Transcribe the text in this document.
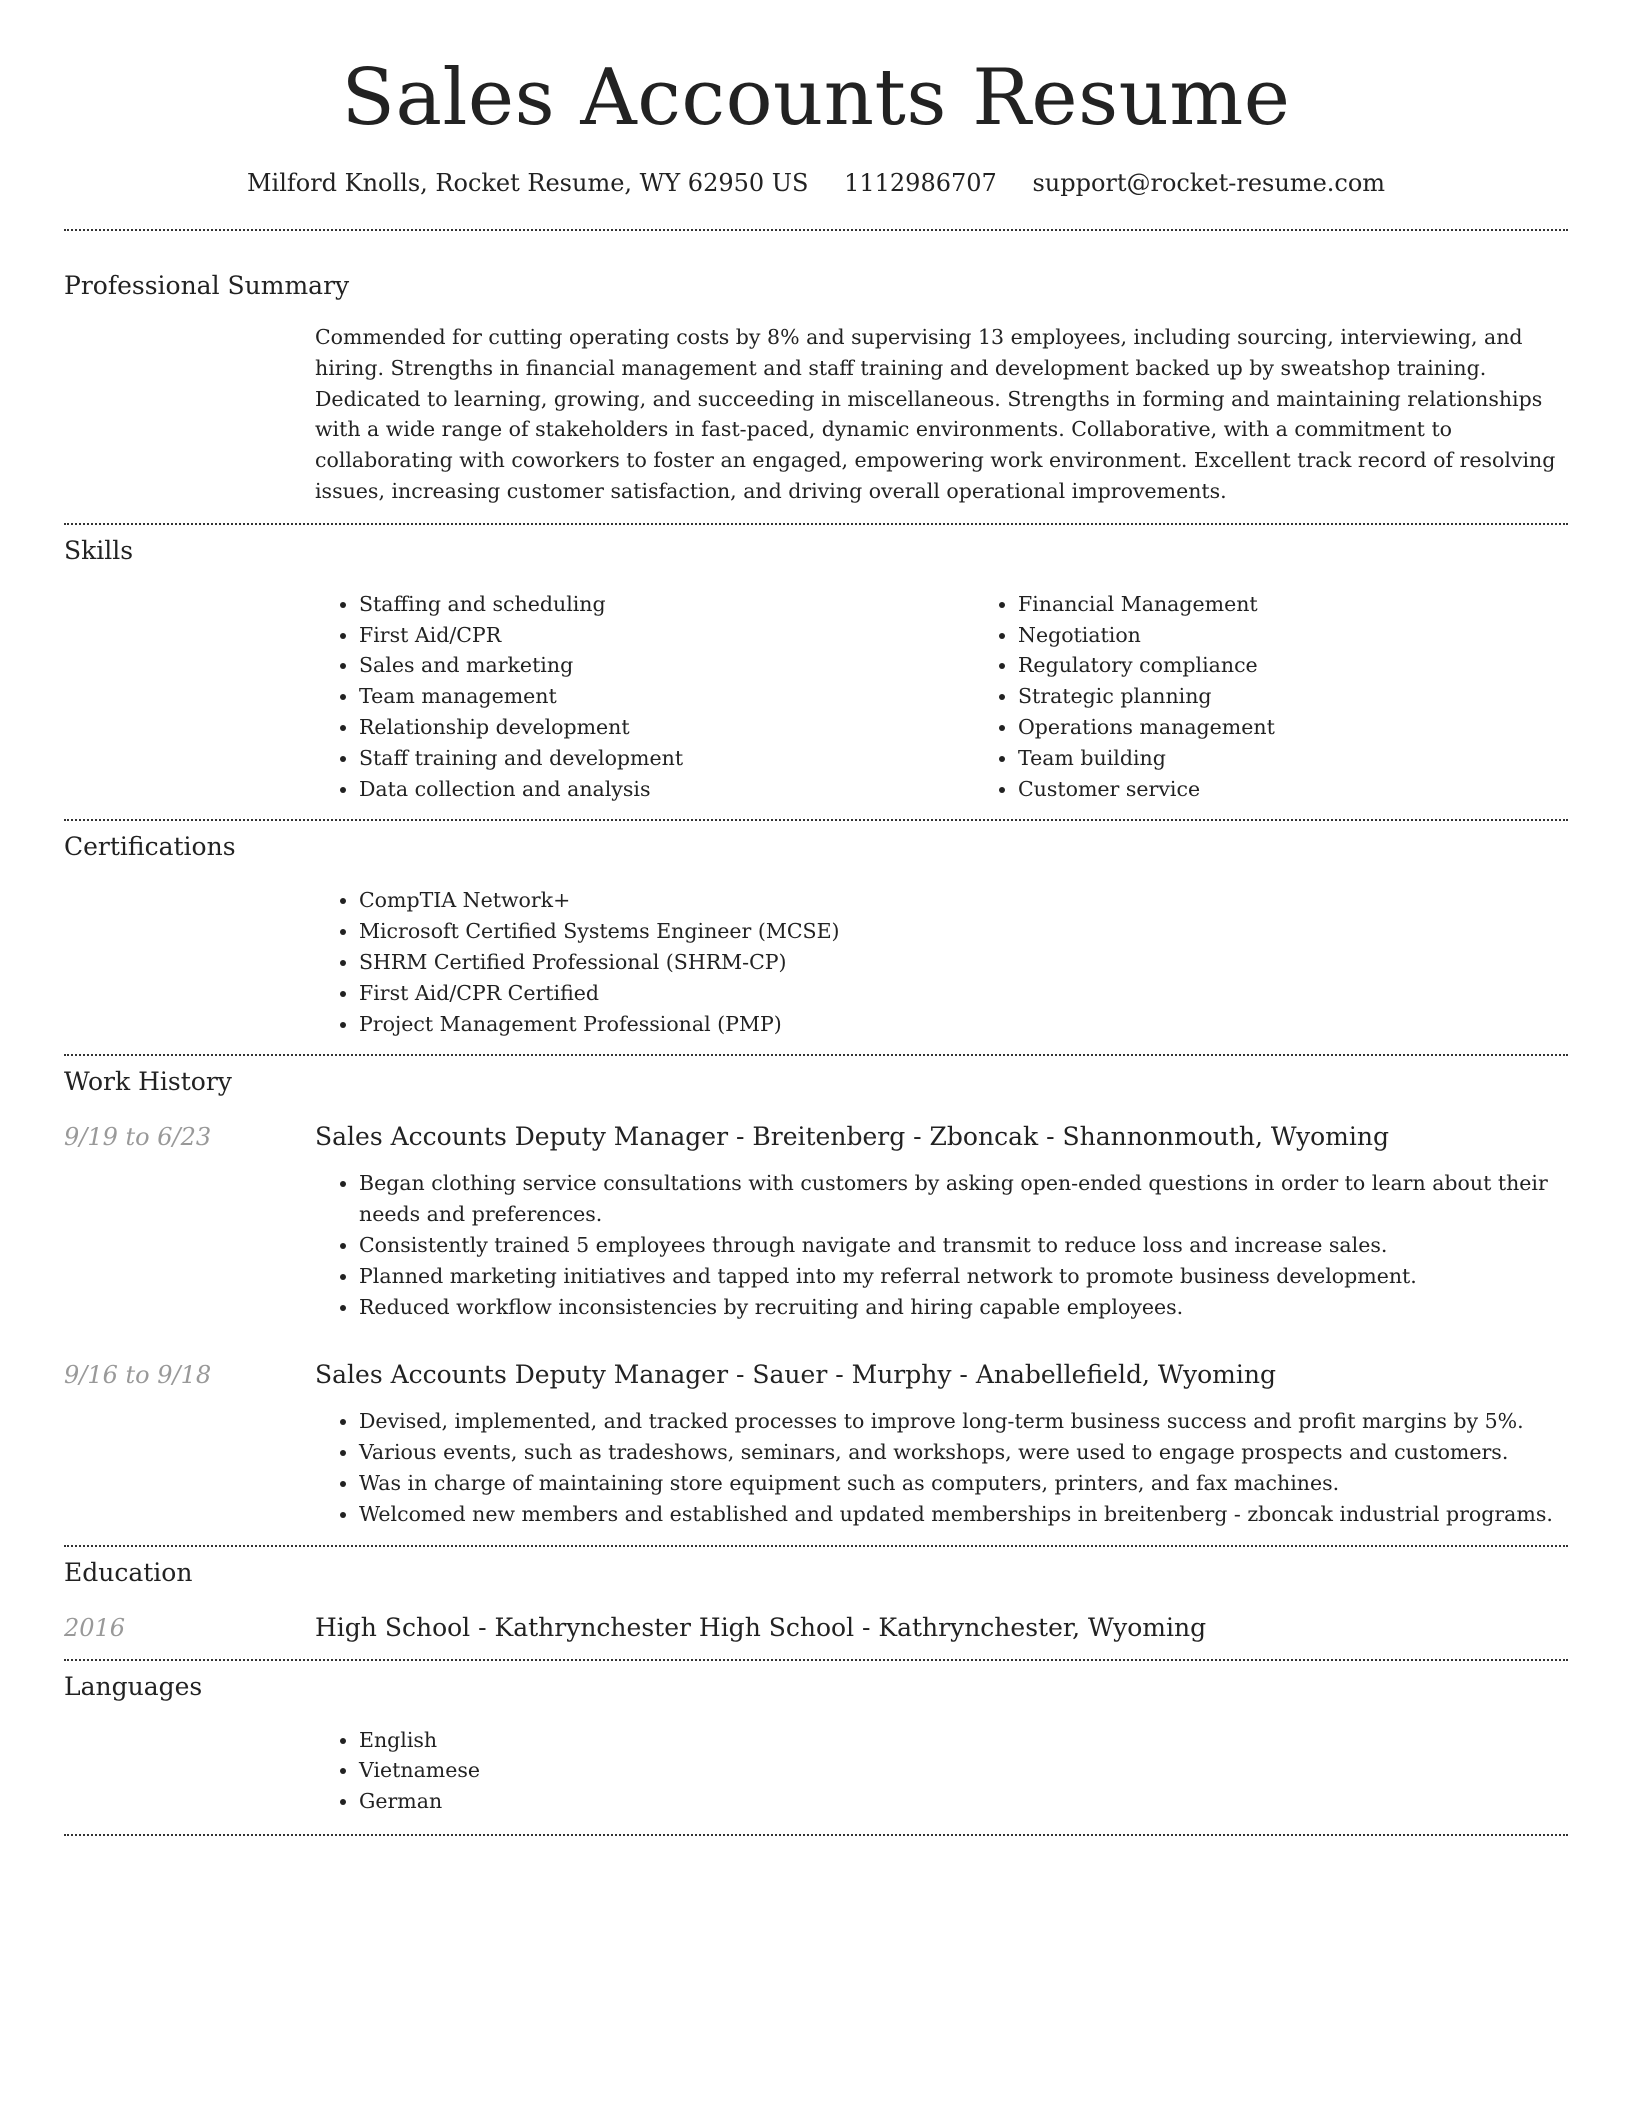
Sales Accounts Resume
Milford Knolls, Rocket Resume, WY 62950 US 1112986707 support@rocket-resume.com
Professional Summary

Commended for cutting operating costs by 8% and supervising 13 employees, including sourcing, interviewing, and hiring. Strengths in financial management and staff training and development backed up by sweatshop training. Dedicated to learning, growing, and succeeding in miscellaneous. Strengths in forming and maintaining relationships with a wide range of stakeholders in fast-paced, dynamic environments. Collaborative, with a commitment to collaborating with coworkers to foster an engaged, empowering work environment. Excellent track record of resolving issues, increasing customer satisfaction, and driving overall operational improvements.

Skills
• Staffing and scheduling
• First Aid/CPR
• Sales and marketing
• Team management
• Relationship development
• Staff training and development
• Data collection and analysis
• Financial Management
• Negotiation
• Regulatory compliance
• Strategic planning
• Operations management
• Team building
• Customer service
Certifications
• CompTIA Network+
• Microsoft Certified Systems Engineer (MCSE)
• SHRM Certified Professional (SHRM-CP)
• First Aid/CPR Certified
• Project Management Professional (PMP)
Work History
9/19 to 6/23	Sales Accounts Deputy Manager - Breitenberg - Zboncak - Shannonmouth, Wyoming
• Began clothing service consultations with customers by asking open-ended questions in order to learn about their needs and preferences.
• Consistently trained 5 employees through navigate and transmit to reduce loss and increase sales.
• Planned marketing initiatives and tapped into my referral network to promote business development.
• Reduced workflow inconsistencies by recruiting and hiring capable employees.
9/16 to 9/18	Sales Accounts Deputy Manager - Sauer - Murphy - Anabellefield, Wyoming
• Devised, implemented, and tracked processes to improve long-term business success and profit margins by 5%.
• Various events, such as tradeshows, seminars, and workshops, were used to engage prospects and customers.
• Was in charge of maintaining store equipment such as computers, printers, and fax machines.
• Welcomed new members and established and updated memberships in breitenberg - zboncak industrial programs.
Education
2016	High School - Kathrynchester High School - Kathrynchester, Wyoming
Languages
• English
• Vietnamese
• German
